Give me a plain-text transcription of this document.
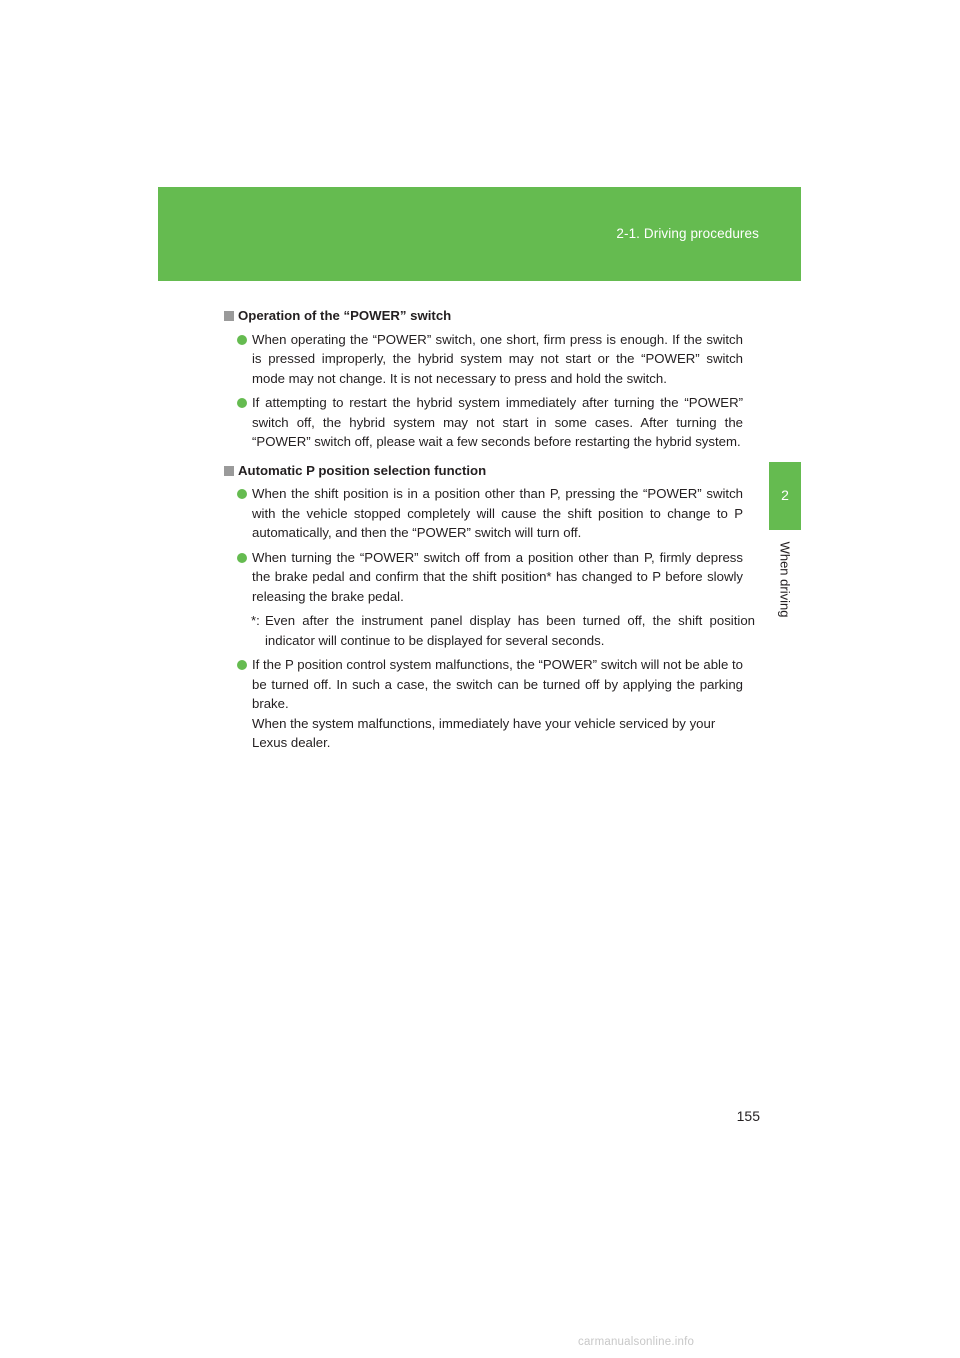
2-1. Driving procedures
2
When driving
Operation of the “POWER” switch
When operating the “POWER” switch, one short, firm press is enough. If the switch is pressed improperly, the hybrid system may not start or the “POWER” switch mode may not change. It is not necessary to press and hold the switch.
If attempting to restart the hybrid system immediately after turning the “POWER” switch off, the hybrid system may not start in some cases. After turning the “POWER” switch off, please wait a few seconds before restarting the hybrid system.
Automatic P position selection function
When the shift position is in a position other than P, pressing the “POWER” switch with the vehicle stopped completely will cause the shift position to change to P automatically, and then the “POWER” switch will turn off.
When turning the “POWER” switch off from a position other than P, firmly depress the brake pedal and confirm that the shift position* has changed to P before slowly releasing the brake pedal.
*: Even after the instrument panel display has been turned off, the shift position indicator will continue to be displayed for several seconds.
If the P position control system malfunctions, the “POWER” switch will not be able to be turned off. In such a case, the switch can be turned off by applying the parking brake.
When the system malfunctions, immediately have your vehicle serviced by your Lexus dealer.
155
carmanualsonline.info
